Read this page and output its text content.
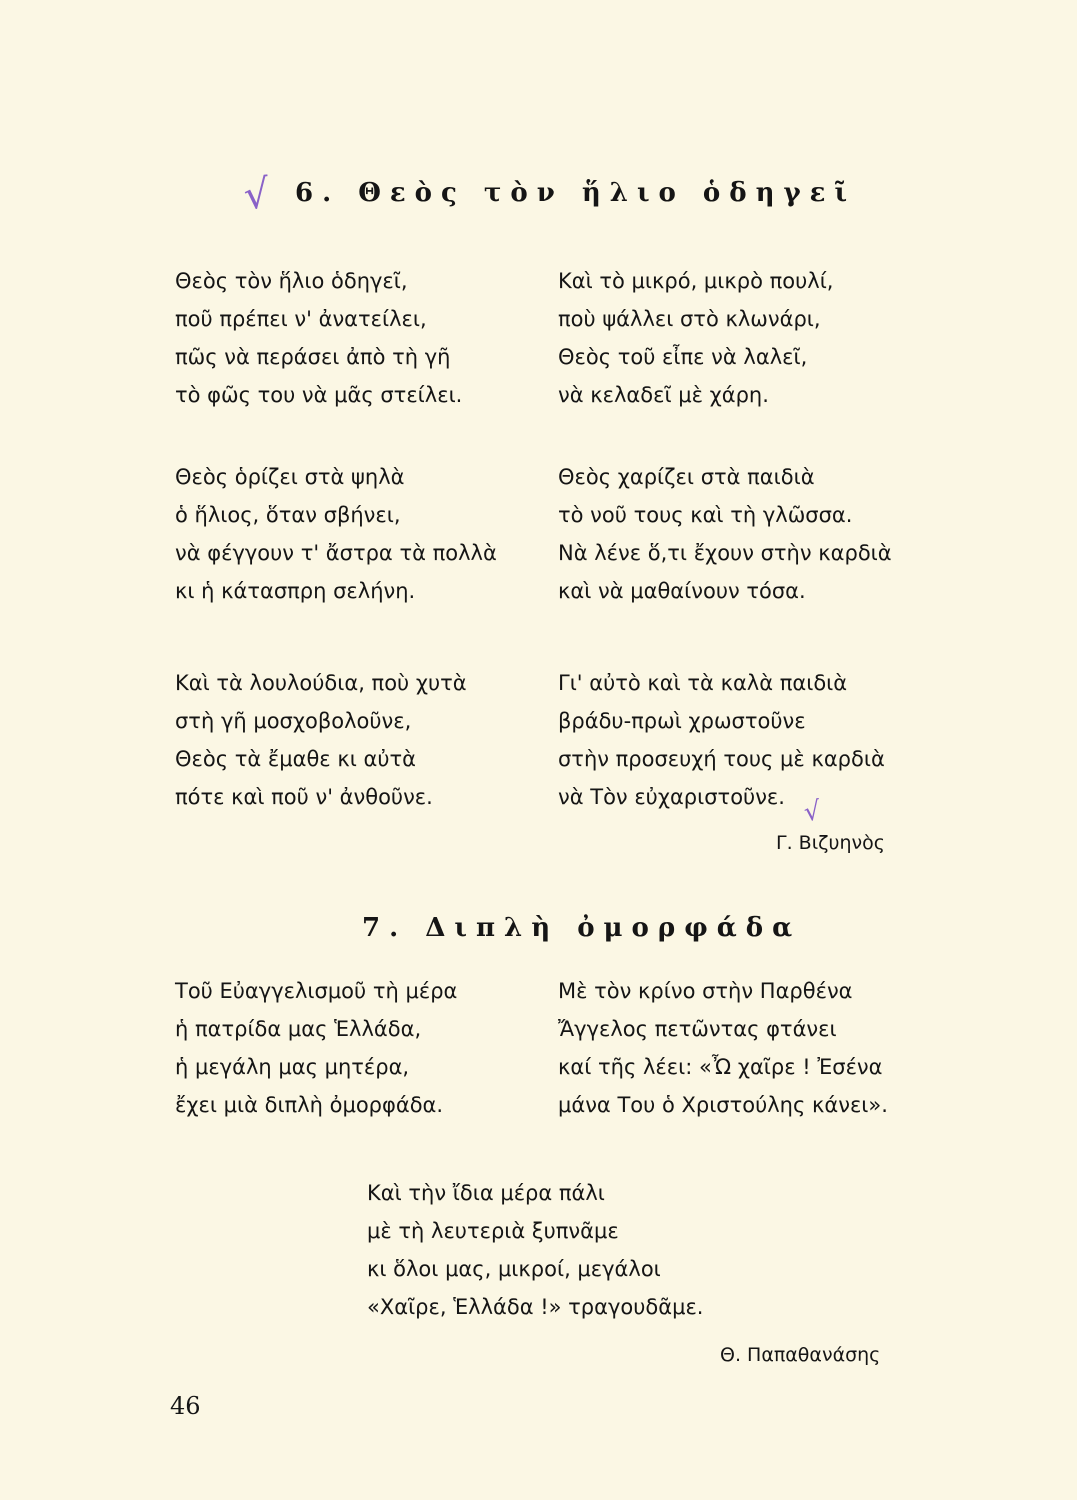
√ 6. Θεὸς τὸν ἥλιο ὁδηγεῖ
Θεὸς τὸν ἥλιο ὁδηγεῖ,
ποῦ πρέπει ν' ἀνατείλει,
πῶς νὰ περάσει ἀπὸ τὴ γῆ
τὸ φῶς του νὰ μᾶς στείλει.
Καὶ τὸ μικρό, μικρὸ πουλί,
ποὺ ψάλλει στὸ κλωνάρι,
Θεὸς τοῦ εἶπε νὰ λαλεῖ,
νὰ κελαδεῖ μὲ χάρη.
Θεὸς ὁρίζει στὰ ψηλὰ
ὁ ἥλιος, ὅταν σβήνει,
νὰ φέγγουν τ' ἄστρα τὰ πολλὰ
κι ἡ κάτασπρη σελήνη.
Θεὸς χαρίζει στὰ παιδιὰ
τὸ νοῦ τους καὶ τὴ γλῶσσα.
Νὰ λένε ὅ,τι ἔχουν στὴν καρδιὰ
καὶ νὰ μαθαίνουν τόσα.
Καὶ τὰ λουλούδια, ποὺ χυτὰ
στὴ γῆ μοσχοβολοῦνε,
Θεὸς τὰ ἔμαθε κι αὐτὰ
πότε καὶ ποῦ ν' ἀνθοῦνε.
Γι' αὐτὸ καὶ τὰ καλὰ παιδιὰ
βράδυ-πρωὶ χρωστοῦνε
στὴν προσευχή τους μὲ καρδιὰ
νὰ Τὸν εὐχαριστοῦνε. √
Γ. Βιζυηνὸς
7. Διπλὴ ὀμορφάδα
Τοῦ Εὐαγγελισμοῦ τὴ μέρα
ἡ πατρίδα μας Ἑλλάδα,
ἡ μεγάλη μας μητέρα,
ἔχει μιὰ διπλὴ ὀμορφάδα.
Μὲ τὸν κρίνο στὴν Παρθένα
Ἄγγελος πετῶντας φτάνει
καί τῆς λέει: «Ὦ χαῖρε ! Ἐσένα
μάνα Του ὁ Χριστούλης κάνει».
Καὶ τὴν ἴδια μέρα πάλι
μὲ τὴ λευτεριὰ ξυπνᾶμε
κι ὅλοι μας, μικροί, μεγάλοι
«Χαῖρε, Ἑλλάδα !» τραγουδᾶμε.
Θ. Παπαθανάσης
46
